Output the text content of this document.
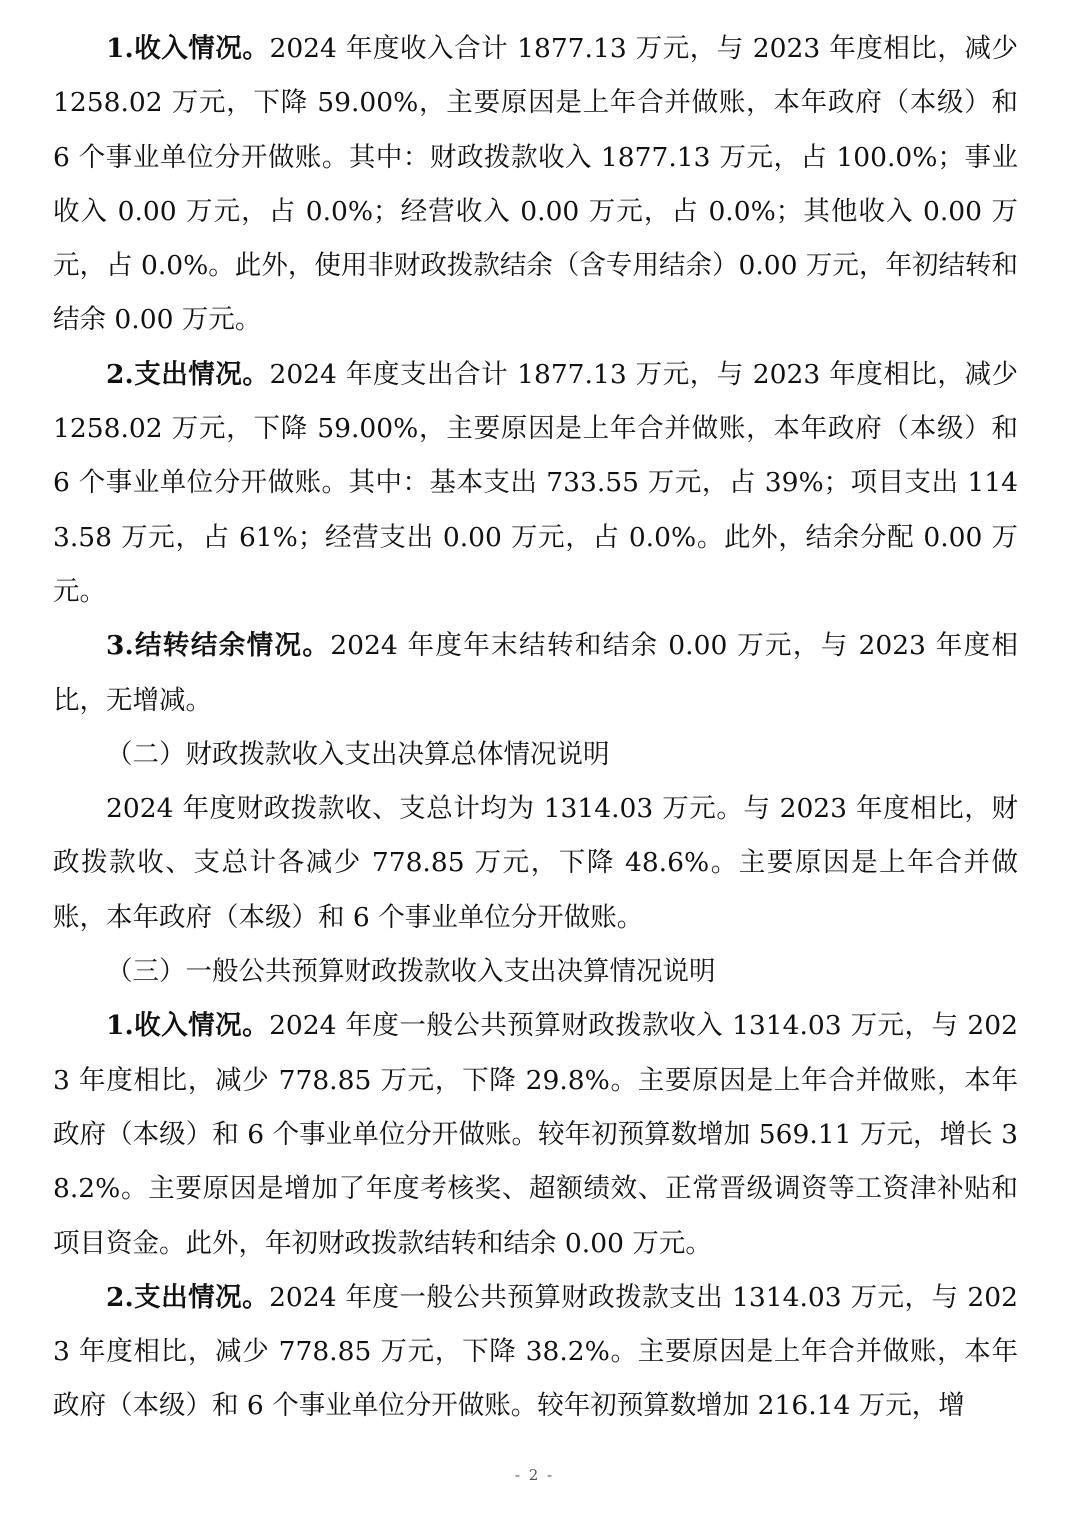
1.收入情况。2024 年度收入合计 1877.13 万元，与 2023 年度相比，减少 1258.02 万元，下降 59.00%，主要原因是上年合并做账，本年政府（本级）和 6 个事业单位分开做账。其中：财政拨款收入 1877.13 万元，占 100.0%；事业收入 0.00 万元，占 0.0%；经营收入 0.00 万元，占 0.0%；其他收入 0.00 万元，占 0.0%。此外，使用非财政拨款结余（含专用结余）0.00 万元，年初结转和结余 0.00 万元。

2.支出情况。2024 年度支出合计 1877.13 万元，与 2023 年度相比，减少 1258.02 万元，下降 59.00%，主要原因是上年合并做账，本年政府（本级）和 6 个事业单位分开做账。其中：基本支出 733.55 万元，占 39%；项目支出 1143.58 万元，占 61%；经营支出 0.00 万元，占 0.0%。此外，结余分配 0.00 万元。

3.结转结余情况。2024 年度年末结转和结余 0.00 万元，与 2023 年度相比，无增减。

（二）财政拨款收入支出决算总体情况说明

2024 年度财政拨款收、支总计均为 1314.03 万元。与 2023 年度相比，财政拨款收、支总计各减少 778.85 万元，下降 48.6%。主要原因是上年合并做账，本年政府（本级）和 6 个事业单位分开做账。

（三）一般公共预算财政拨款收入支出决算情况说明

1.收入情况。2024 年度一般公共预算财政拨款收入 1314.03 万元，与 2023 年度相比，减少 778.85 万元，下降 29.8%。主要原因是上年合并做账，本年政府（本级）和 6 个事业单位分开做账。较年初预算数增加 569.11 万元，增长 38.2%。主要原因是增加了年度考核奖、超额绩效、正常晋级调资等工资津补贴和项目资金。此外，年初财政拨款结转和结余 0.00 万元。

2.支出情况。2024 年度一般公共预算财政拨款支出 1314.03 万元，与 2023 年度相比，减少 778.85 万元，下降 38.2%。主要原因是上年合并做账，本年政府（本级）和 6 个事业单位分开做账。较年初预算数增加 216.14 万元，增

- 2 -
